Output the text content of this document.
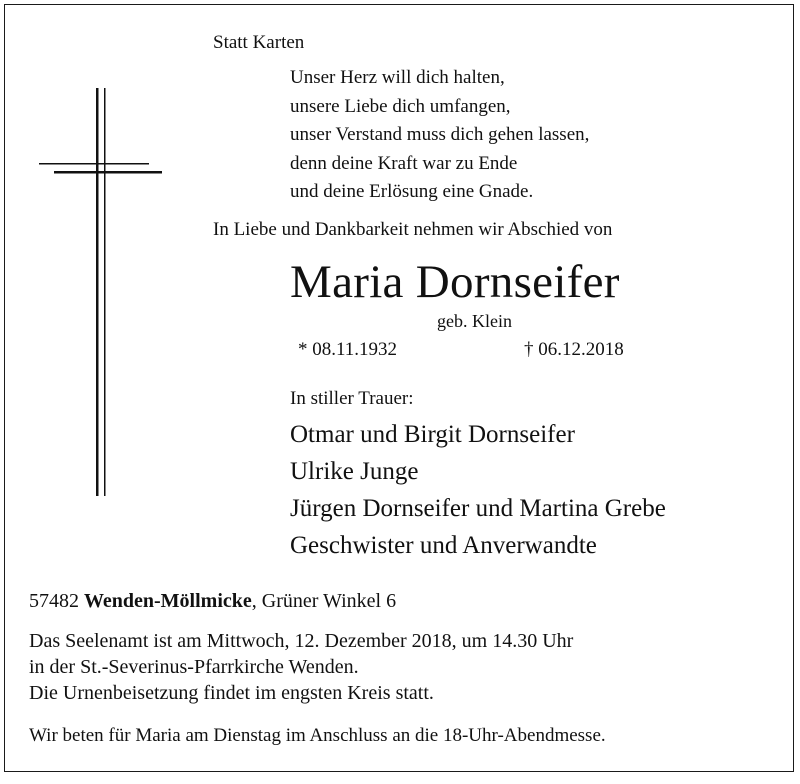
Statt Karten
Unser Herz will dich halten,
unsere Liebe dich umfangen,
unser Verstand muss dich gehen lassen,
denn deine Kraft war zu Ende
und deine Erlösung eine Gnade.
In Liebe und Dankbarkeit nehmen wir Abschied von
Maria Dornseifer
geb. Klein
* 08.11.1932	† 06.12.2018
In stiller Trauer:
Otmar und Birgit Dornseifer
Ulrike Junge
Jürgen Dornseifer und Martina Grebe
Geschwister und Anverwandte
57482 Wenden-Möllmicke, Grüner Winkel 6
Das Seelenamt ist am Mittwoch, 12. Dezember 2018, um 14.30 Uhr
in der St.-Severinus-Pfarrkirche Wenden.
Die Urnenbeisetzung findet im engsten Kreis statt.
Wir beten für Maria am Dienstag im Anschluss an die 18-Uhr-Abendmesse.
